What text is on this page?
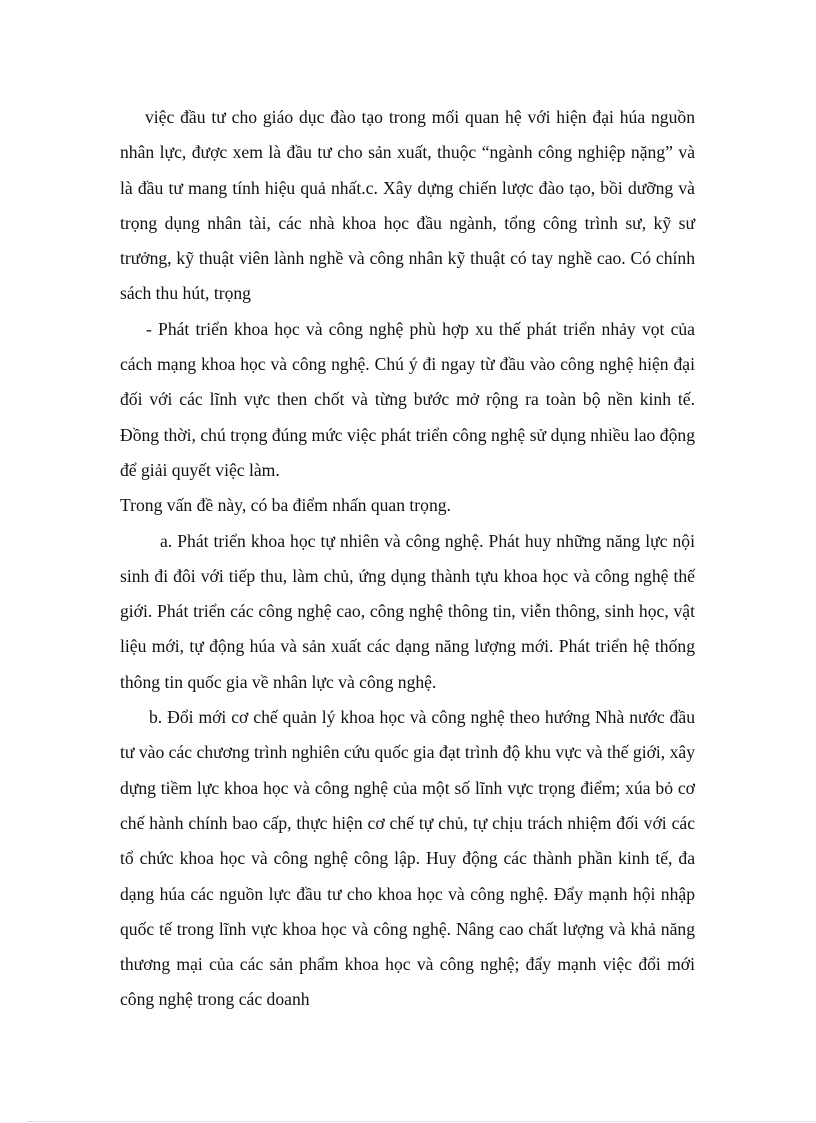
việc đầu tư cho giáo dục đào tạo trong mối quan hệ với hiện đại húa nguồn nhân lực, được xem là đầu tư cho sản xuất, thuộc “ngành công nghiệp nặng” và là đầu tư mang tính hiệu quả nhất.c. Xây dựng chiến lược đào tạo, bồi dưỡng và trọng dụng nhân tài, các nhà khoa học đầu ngành, tổng công trình sư, kỹ sư trưởng, kỹ thuật viên lành nghề và công nhân kỹ thuật có tay nghề cao. Có chính sách thu hút, trọng

- Phát triển khoa học và công nghệ phù hợp xu thế phát triển nhảy vọt của cách mạng khoa học và công nghệ. Chú ý đi ngay từ đầu vào công nghệ hiện đại đối với các lĩnh vực then chốt và từng bước mở rộng ra toàn bộ nền kinh tế. Đồng thời, chú trọng đúng mức việc phát triển công nghệ sử dụng nhiều lao động để giải quyết việc làm.

Trong vấn đề này, có ba điểm nhấn quan trọng.

a. Phát triển khoa học tự nhiên và công nghệ. Phát huy những năng lực nội sinh đi đôi với tiếp thu, làm chủ, ứng dụng thành tựu khoa học và công nghệ thế giới. Phát triển các công nghệ cao, công nghệ thông tin, viễn thông, sinh học, vật liệu mới, tự động húa và sản xuất các dạng năng lượng mới. Phát triển hệ thống thông tin quốc gia về nhân lực và công nghệ.

b. Đổi mới cơ chế quản lý khoa học và công nghệ theo hướng Nhà nước đầu tư vào các chương trình nghiên cứu quốc gia đạt trình độ khu vực và thế giới, xây dựng tiềm lực khoa học và công nghệ của một số lĩnh vực trọng điểm; xúa bỏ cơ chế hành chính bao cấp, thực hiện cơ chế tự chủ, tự chịu trách nhiệm đối với các tổ chức khoa học và công nghệ công lập. Huy động các thành phần kinh tế, đa dạng húa các nguồn lực đầu tư cho khoa học và công nghệ. Đẩy mạnh hội nhập quốc tế trong lĩnh vực khoa học và công nghệ. Nâng cao chất lượng và khả năng thương mại của các sản phẩm khoa học và công nghệ; đẩy mạnh việc đổi mới công nghệ trong các doanh
